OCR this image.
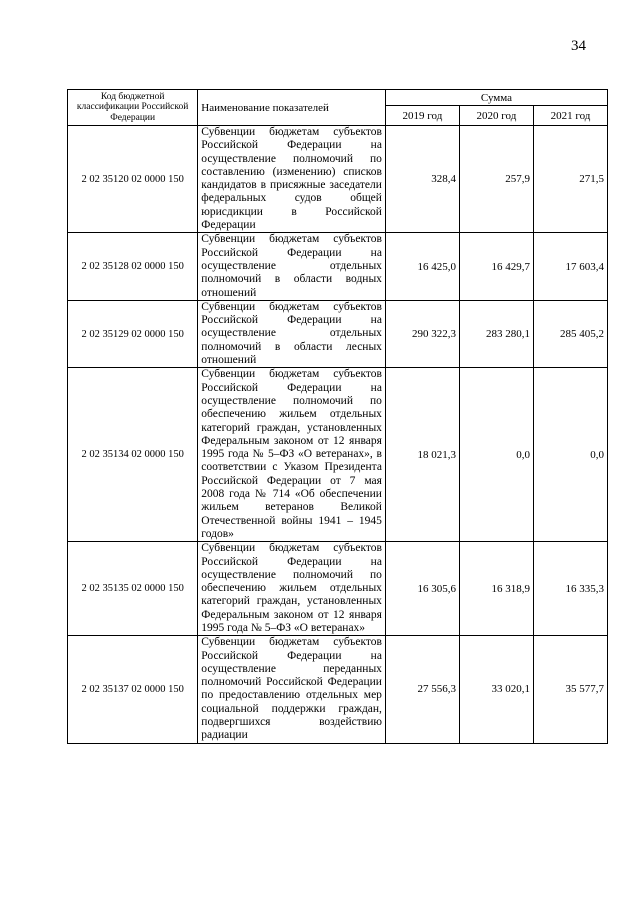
34
Код бюджетной классификации Российской Федерации	Наименование показателей	Сумма		
		2019 год	2020 год	2021 год
2 02 35120 02 0000 150	Субвенции бюджетам субъектов Российской Федерации на осуществление полномочий по составлению (изменению) списков кандидатов в присяжные заседатели федеральных судов общей юрисдикции в Российской Федерации	328,4	257,9	271,5
2 02 35128 02 0000 150	Субвенции бюджетам субъектов Российской Федерации на осуществление отдельных полномочий в области водных отношений	16 425,0	16 429,7	17 603,4
2 02 35129 02 0000 150	Субвенции бюджетам субъектов Российской Федерации на осуществление отдельных полномочий в области лесных отношений	290 322,3	283 280,1	285 405,2
2 02 35134 02 0000 150	Субвенции бюджетам субъектов Российской Федерации на осуществление полномочий по обеспечению жильем отдельных категорий граждан, установленных Федеральным законом от 12 января 1995 года № 5–ФЗ «О ветеранах», в соответствии с Указом Президента Российской Федерации от 7 мая 2008 года № 714 «Об обеспечении жильем ветеранов Великой Отечественной войны 1941 – 1945 годов»	18 021,3	0,0	0,0
2 02 35135 02 0000 150	Субвенции бюджетам субъектов Российской Федерации на осуществление полномочий по обеспечению жильем отдельных категорий граждан, установленных Федеральным законом от 12 января 1995 года № 5–ФЗ «О ветеранах»	16 305,6	16 318,9	16 335,3
2 02 35137 02 0000 150	Субвенции бюджетам субъектов Российской Федерации на осуществление переданных полномочий Российской Федерации по предоставлению отдельных мер социальной поддержки граждан, подвергшихся воздействию радиации	27 556,3	33 020,1	35 577,7
